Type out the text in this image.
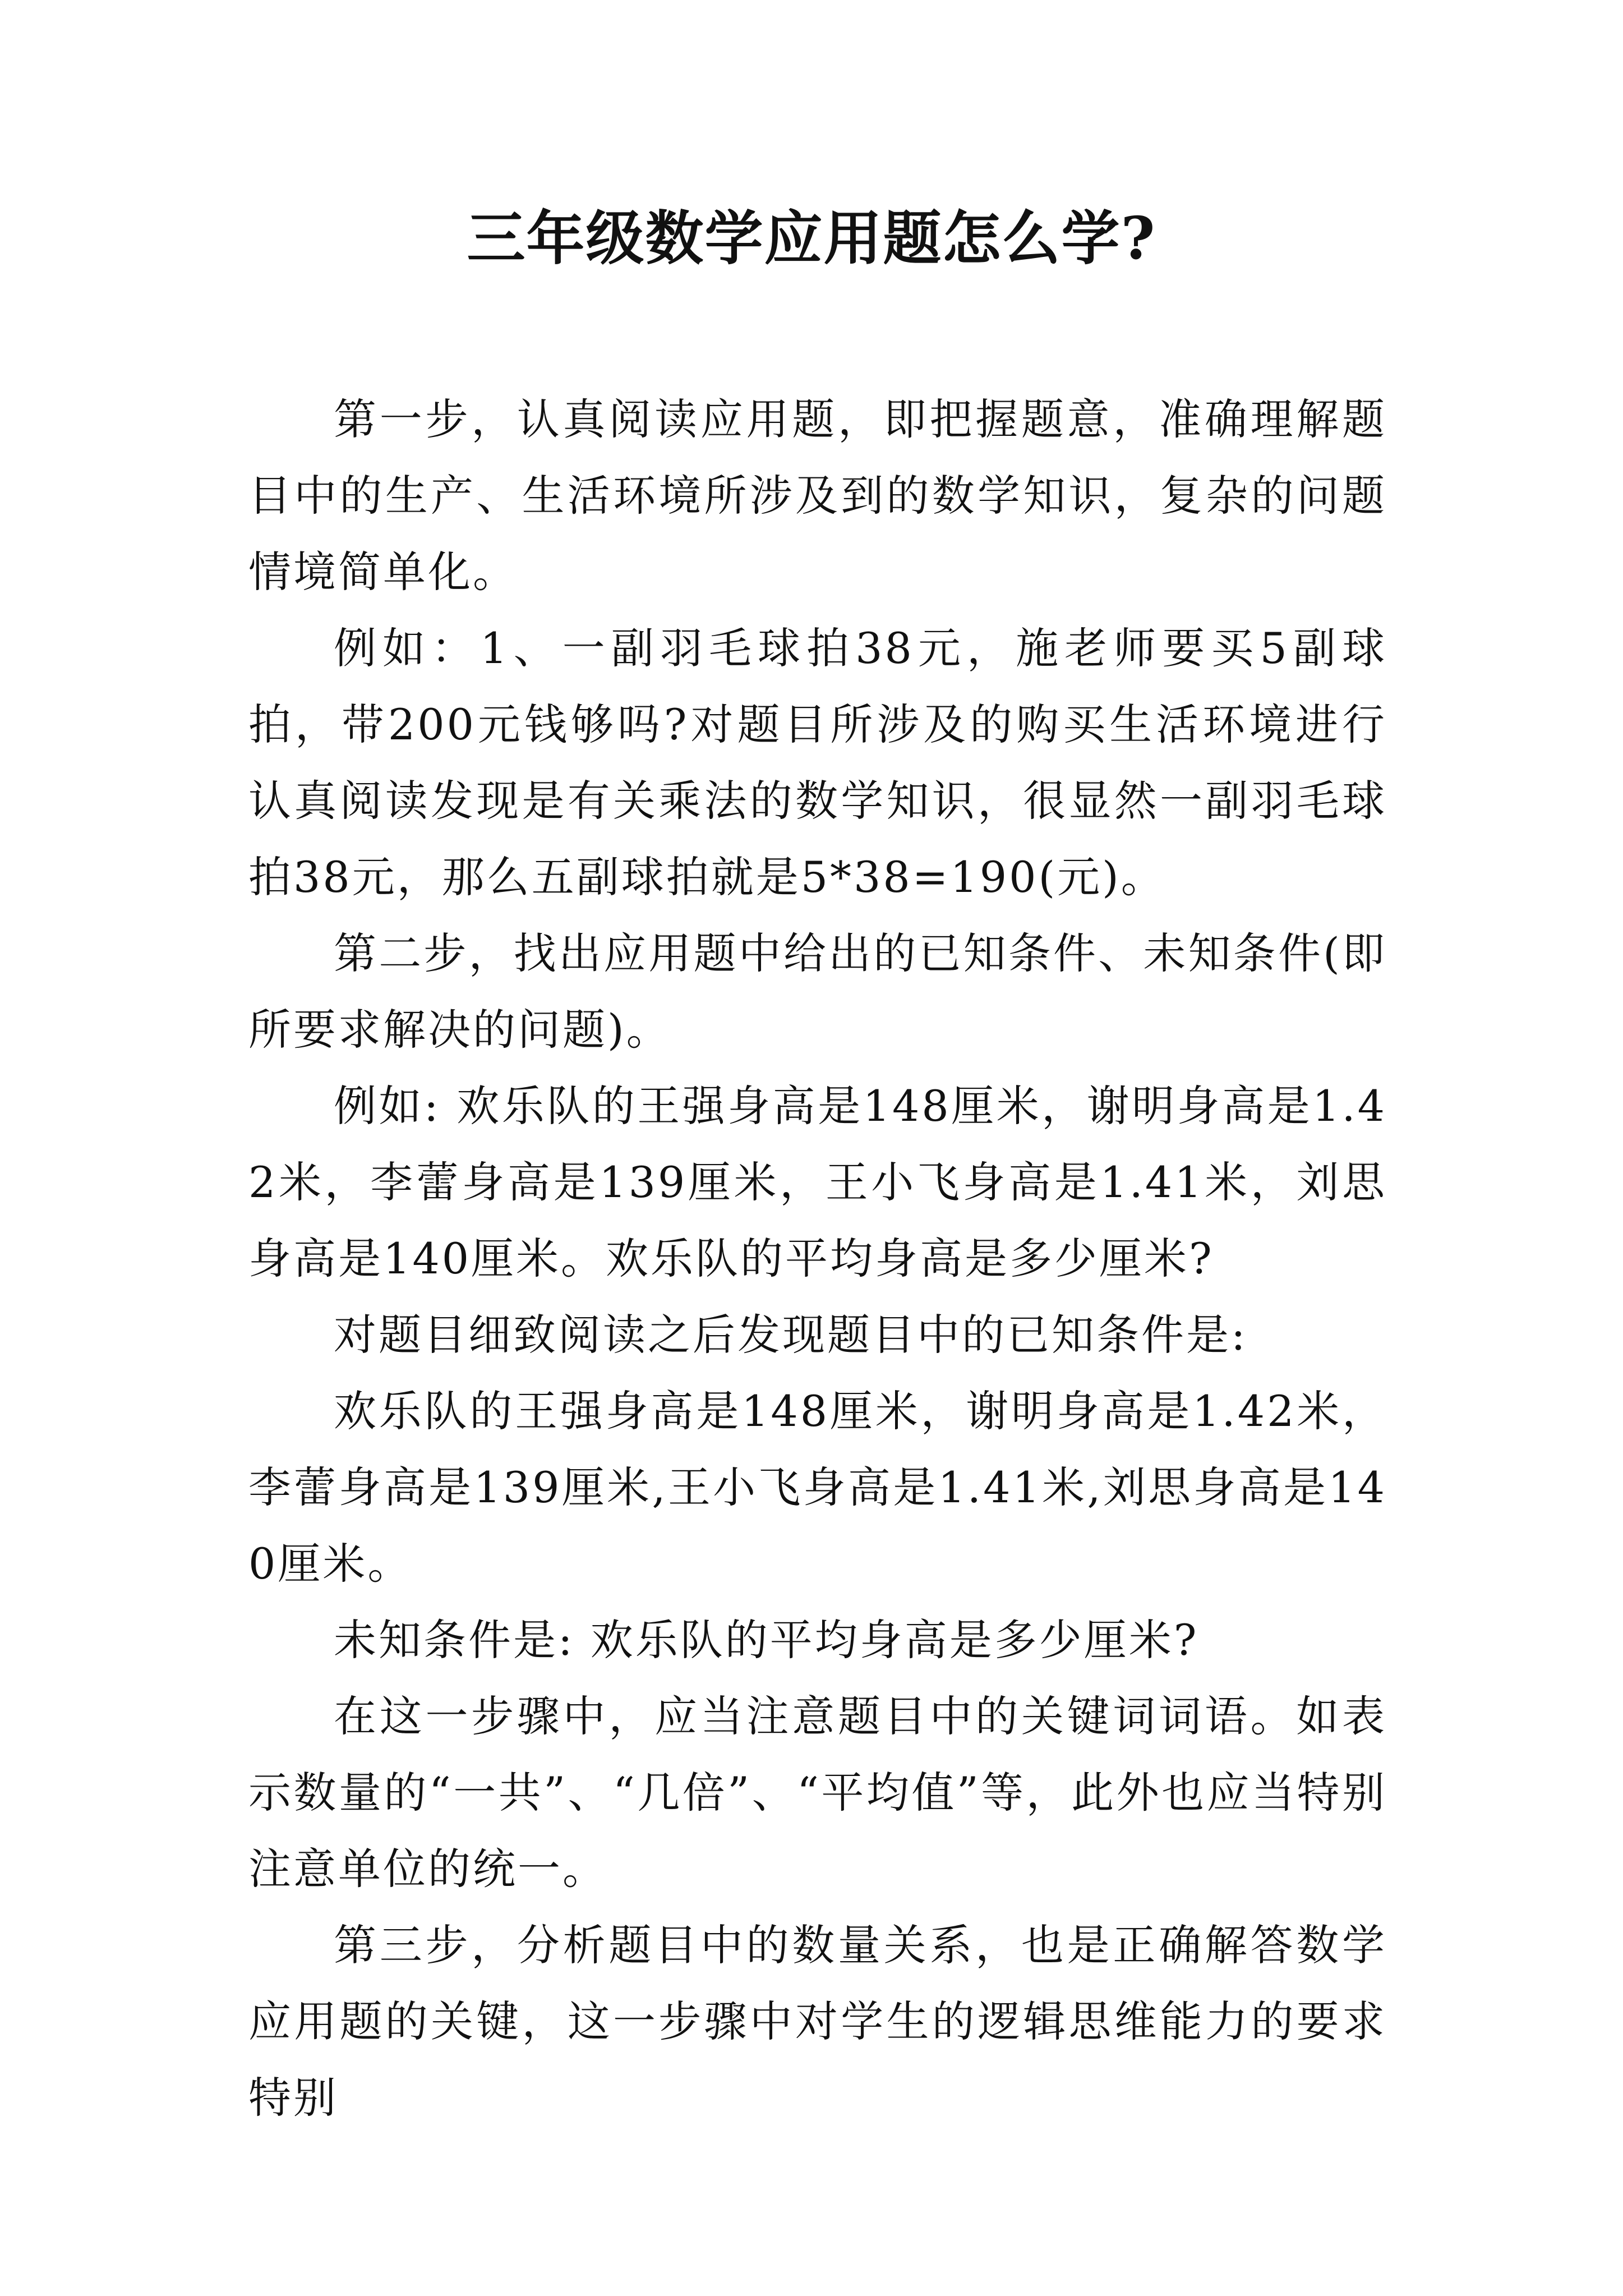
三年级数学应用题怎么学?

第一步，认真阅读应用题，即把握题意，准确理解题目中的生产、生活环境所涉及到的数学知识，复杂的问题情境简单化。

例如：1、一副羽毛球拍38元，施老师要买5副球拍，带200元钱够吗?对题目所涉及的购买生活环境进行认真阅读发现是有关乘法的数学知识，很显然一副羽毛球拍38元，那么五副球拍就是5*38=190(元)。

第二步，找出应用题中给出的已知条件、未知条件(即所要求解决的问题)。

例如: 欢乐队的王强身高是148厘米，谢明身高是1.42米，李蕾身高是139厘米，王小飞身高是1.41米，刘思身高是140厘米。欢乐队的平均身高是多少厘米?

对题目细致阅读之后发现题目中的已知条件是:

欢乐队的王强身高是148厘米，谢明身高是1.42米，李蕾身高是139厘米,王小飞身高是1.41米,刘思身高是140厘米。

未知条件是: 欢乐队的平均身高是多少厘米?

在这一步骤中，应当注意题目中的关键词词语。如表示数量的“一共”、“几倍”、“平均值”等，此外也应当特别注意单位的统一。

第三步，分析题目中的数量关系，也是正确解答数学应用题的关键，这一步骤中对学生的逻辑思维能力的要求特别
